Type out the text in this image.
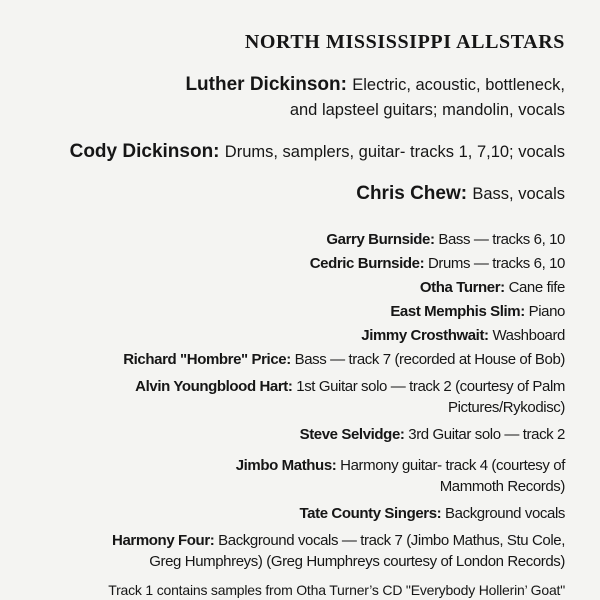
NORTH MISSISSIPPI ALLSTARS
Luther Dickinson: Electric, acoustic, bottleneck,
and lapsteel guitars; mandolin, vocals
Cody Dickinson: Drums, samplers, guitar- tracks 1, 7,10; vocals
Chris Chew: Bass, vocals
Garry Burnside: Bass — tracks 6, 10
Cedric Burnside: Drums — tracks 6, 10
Otha Turner: Cane fife
East Memphis Slim: Piano
Jimmy Crosthwait: Washboard
Richard "Hombre" Price: Bass — track 7 (recorded at House of Bob)
Alvin Youngblood Hart: 1st Guitar solo — track 2 (courtesy of Palm
Pictures/Rykodisc)
Steve Selvidge: 3rd Guitar solo — track 2
Jimbo Mathus: Harmony guitar- track 4 (courtesy of
Mammoth Records)
Tate County Singers: Background vocals
Harmony Four: Background vocals — track 7 (Jimbo Mathus, Stu Cole,
Greg Humphreys) (Greg Humphreys courtesy of London Records)
Track 1 contains samples from Otha Turner’s CD "Everybody Hollerin’ Goat"
